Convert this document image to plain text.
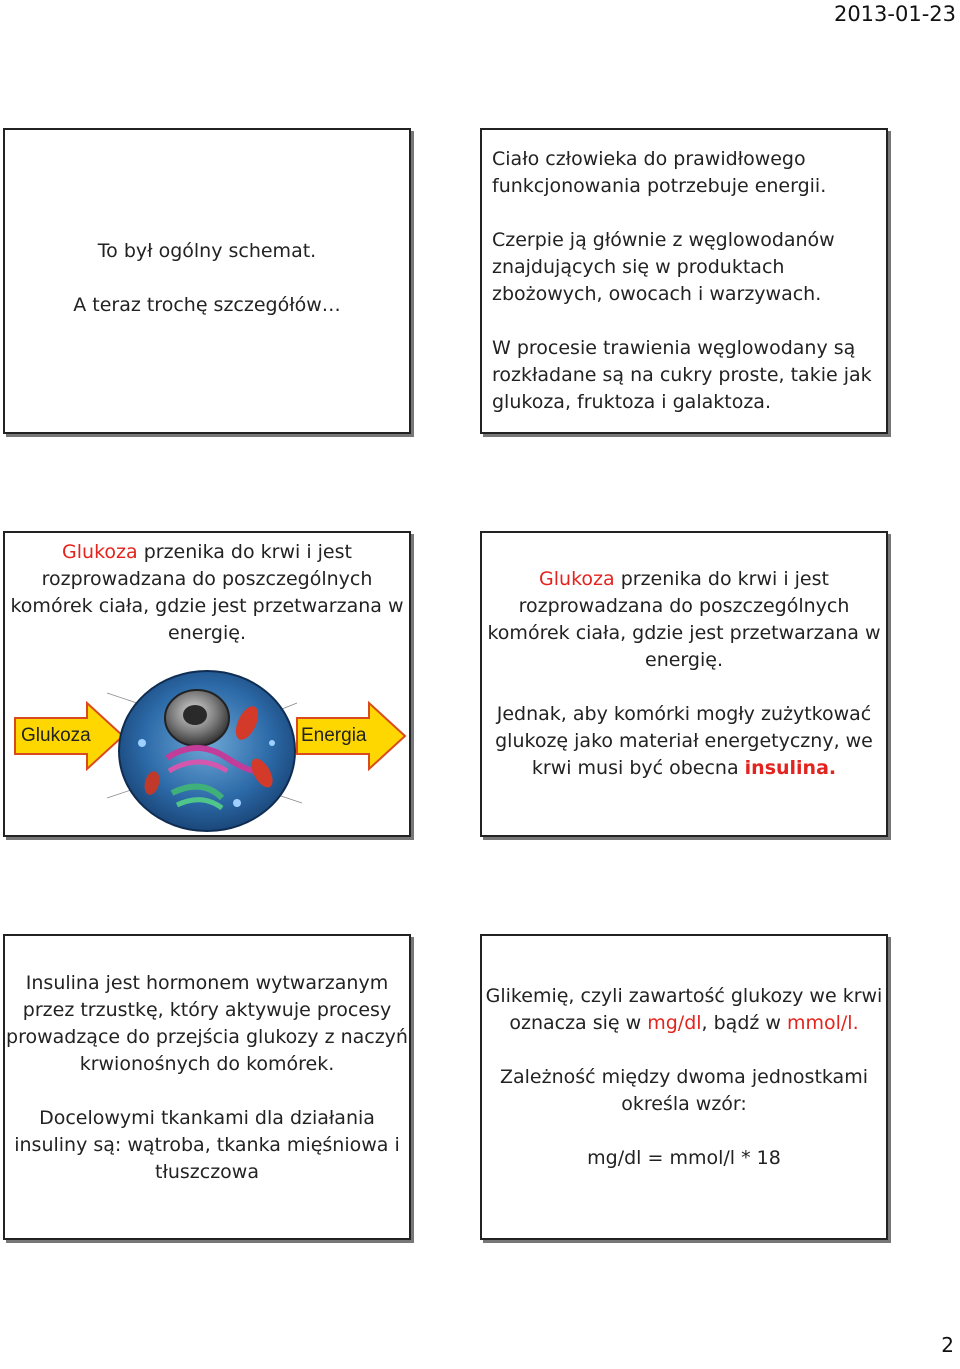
2013-01-23

To był ogólny schemat.

A teraz trochę szczegółów…

Ciało człowieka do prawidłowego funkcjonowania potrzebuje energii.

Czerpie ją głównie z węglowodanów znajdujących się w produktach zbożowych, owocach i warzywach.

W procesie trawienia węglowodany są rozkładane są na cukry proste, takie jak glukoza, fruktoza i galaktoza.

Glukoza przenika do krwi i jest rozprowadzana do poszczególnych komórek ciała, gdzie jest przetwarzana w energię.

Glukoza	Energia

Glukoza przenika do krwi i jest rozprowadzana do poszczególnych komórek ciała, gdzie jest przetwarzana w energię.

Jednak, aby komórki mogły zużytkować glukozę jako materiał energetyczny, we krwi musi być obecna insulina.

Insulina jest hormonem wytwarzanym przez trzustkę, który aktywuje procesy prowadzące do przejścia glukozy z naczyń krwionośnych do komórek.

Docelowymi tkankami dla działania insuliny są: wątroba, tkanka mięśniowa i tłuszczowa

Glikemię, czyli zawartość glukozy we krwi oznacza się w mg/dl, bądź w mmol/l.

Zależność między dwoma jednostkami określa wzór:

mg/dl = mmol/l * 18

2
